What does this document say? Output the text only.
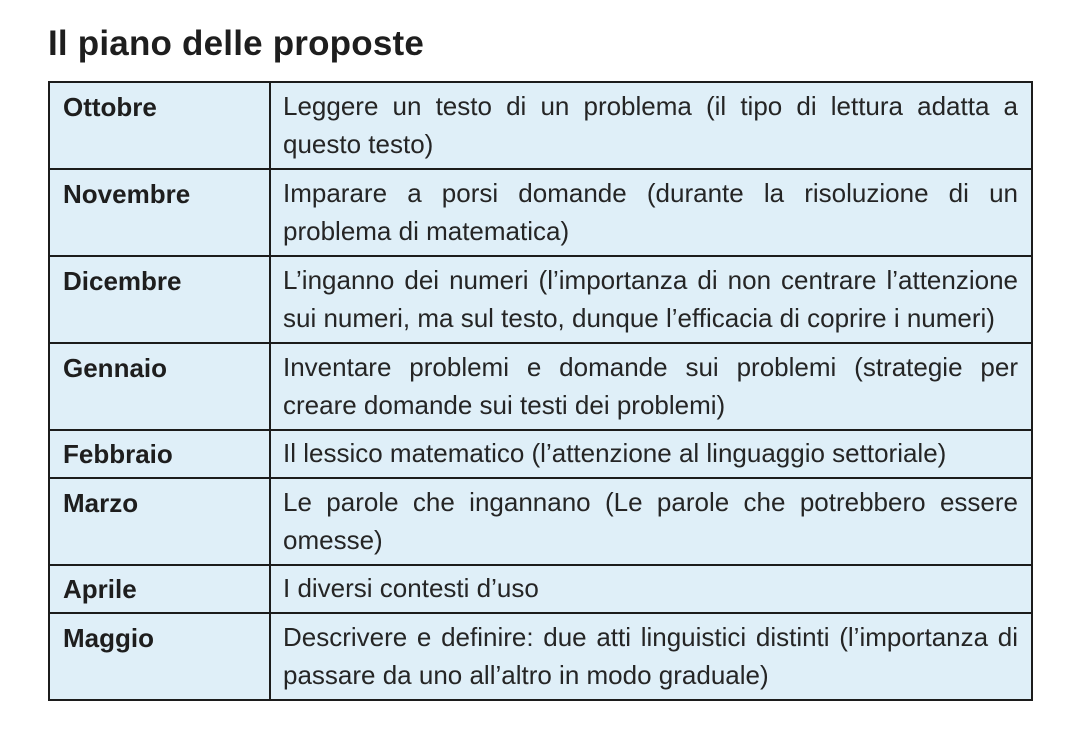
Il piano delle proposte
Ottobre	Leggere un testo di un problema (il tipo di lettura adatta a questo testo)
Novembre	Imparare a porsi domande (durante la risoluzione di un problema di matematica)
Dicembre	L’inganno dei numeri (l’importanza di non centrare l’attenzione sui numeri, ma sul testo, dunque l’efficacia di coprire i numeri)
Gennaio	Inventare problemi e domande sui problemi (strategie per creare domande sui testi dei problemi)
Febbraio	Il lessico matematico (l’attenzione al linguaggio settoriale)
Marzo	Le parole che ingannano (Le parole che potrebbero essere omesse)
Aprile	I diversi contesti d’uso
Maggio	Descrivere e definire: due atti linguistici distinti (l’importanza di passare da uno all’altro in modo graduale)
